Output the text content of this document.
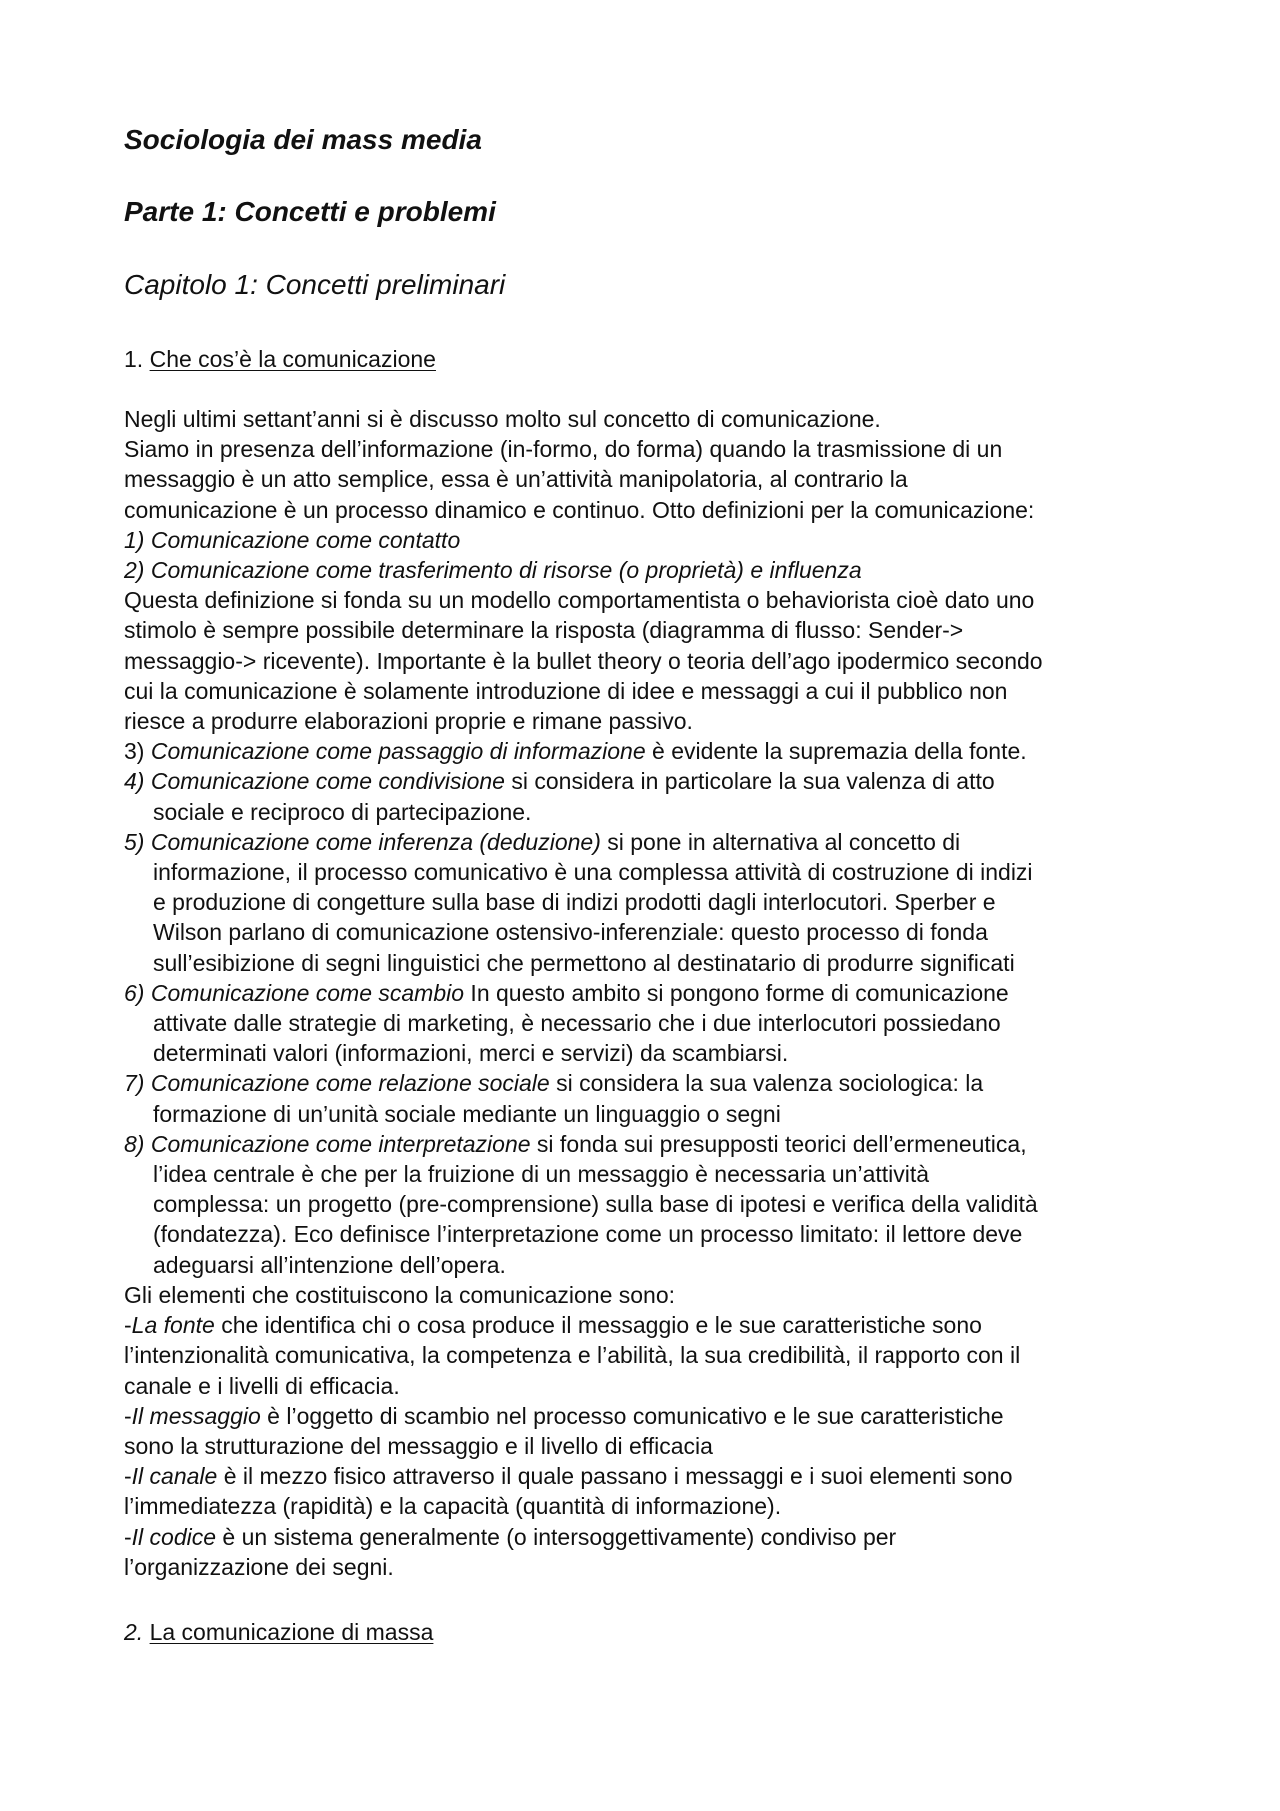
Sociologia dei mass media
Parte 1: Concetti e problemi
Capitolo 1: Concetti preliminari
1. Che cos’è la comunicazione
Negli ultimi settant’anni si è discusso molto sul concetto di comunicazione.
Siamo in presenza dell’informazione (in-formo, do forma) quando la trasmissione di un
messaggio è un atto semplice, essa è un’attività manipolatoria, al contrario la
comunicazione è un processo dinamico e continuo. Otto definizioni per la comunicazione:
1) Comunicazione come contatto
2) Comunicazione come trasferimento di risorse (o proprietà) e influenza
Questa definizione si fonda su un modello comportamentista o behaviorista cioè dato uno
stimolo è sempre possibile determinare la risposta (diagramma di flusso: Sender->
messaggio-> ricevente). Importante è la bullet theory o teoria dell’ago ipodermico secondo
cui la comunicazione è solamente introduzione di idee e messaggi a cui il pubblico non
riesce a produrre elaborazioni proprie e rimane passivo.
3) Comunicazione come passaggio di informazione è evidente la supremazia della fonte.
4) Comunicazione come condivisione si considera in particolare la sua valenza di atto
sociale e reciproco di partecipazione.
5) Comunicazione come inferenza (deduzione) si pone in alternativa al concetto di
informazione, il processo comunicativo è una complessa attività di costruzione di indizi
e produzione di congetture sulla base di indizi prodotti dagli interlocutori. Sperber e
Wilson parlano di comunicazione ostensivo-inferenziale: questo processo di fonda
sull’esibizione di segni linguistici che permettono al destinatario di produrre significati
6) Comunicazione come scambio In questo ambito si pongono forme di comunicazione
attivate dalle strategie di marketing, è necessario che i due interlocutori possiedano
determinati valori (informazioni, merci e servizi) da scambiarsi.
7) Comunicazione come relazione sociale si considera la sua valenza sociologica: la
formazione di un’unità sociale mediante un linguaggio o segni
8) Comunicazione come interpretazione si fonda sui presupposti teorici dell’ermeneutica,
l’idea centrale è che per la fruizione di un messaggio è necessaria un’attività
complessa: un progetto (pre-comprensione) sulla base di ipotesi e verifica della validità
(fondatezza). Eco definisce l’interpretazione come un processo limitato: il lettore deve
adeguarsi all’intenzione dell’opera.
Gli elementi che costituiscono la comunicazione sono:
-La fonte che identifica chi o cosa produce il messaggio e le sue caratteristiche sono
l’intenzionalità comunicativa, la competenza e l’abilità, la sua credibilità, il rapporto con il
canale e i livelli di efficacia.
-Il messaggio è l’oggetto di scambio nel processo comunicativo e le sue caratteristiche
sono la strutturazione del messaggio e il livello di efficacia
-Il canale è il mezzo fisico attraverso il quale passano i messaggi e i suoi elementi sono
l’immediatezza (rapidità) e la capacità (quantità di informazione).
-Il codice è un sistema generalmente (o intersoggettivamente) condiviso per
l’organizzazione dei segni.
2. La comunicazione di massa
